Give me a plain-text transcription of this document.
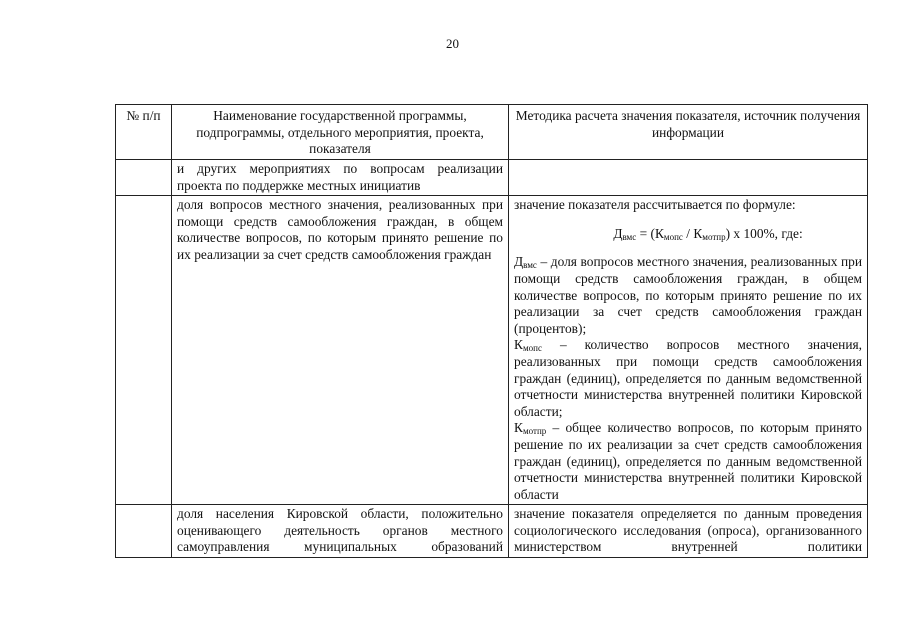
20
№ п/п	Наименование государственной программы, подпрограммы, отдельного мероприятия, проекта, показателя	Методика расчета значения показателя, источник получения информации
	и других мероприятиях по вопросам реализации проекта по поддержке местных инициатив	
	доля вопросов местного значения, реализованных при помощи средств самообложения граждан, в общем количестве вопросов, по которым принято решение по их реализации за счет средств самообложения граждан	значение показателя рассчитывается по формуле:
$Д_{вмс} = (К_{мопс} / К_{мотпр})$ x 100%, где:
$Д_{вмс}$ – доля вопросов местного значения, реализованных при помощи средств самообложения граждан, в общем количестве вопросов, по которым принято решение по их реализации за счет средств самообложения граждан (процентов);
$К_{мопс}$ – количество вопросов местного значения, реализованных при помощи средств самообложения граждан (единиц), определяется по данным ведомственной отчетности министерства внутренней политики Кировской области;
$К_{мотпр}$ – общее количество вопросов, по которым принято решение по их реализации за счет средств самообложения граждан (единиц), определяется по данным ведомственной отчетности министерства внутренней политики Кировской области

	доля населения Кировской области, положительно оценивающего деятельность органов местного самоуправления муниципальных образований	значение показателя определяется по данным проведения социологического исследования (опроса), организованного министерством внутренней политики
